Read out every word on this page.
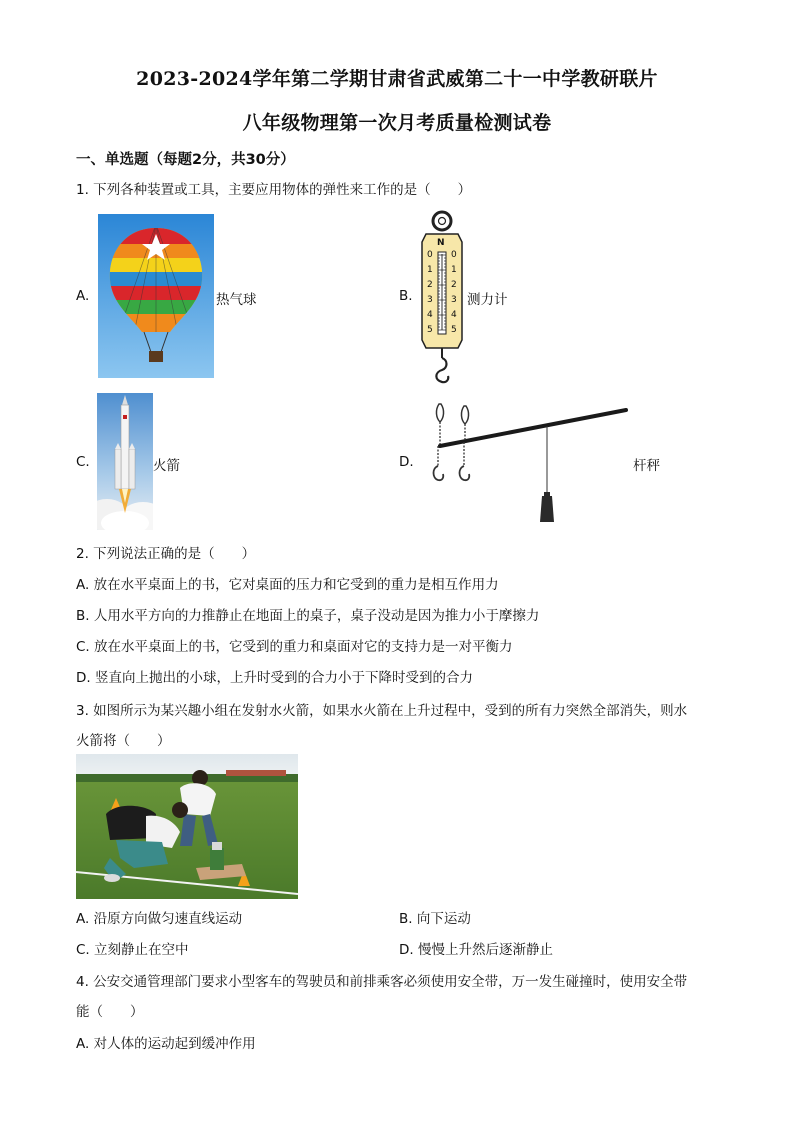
2023-2024学年第二学期甘肃省武威第二十一中学教研联片
八年级物理第一次月考质量检测试卷
一、单选题（每题2分，共30分）
1. 下列各种装置或工具，主要应用物体的弹性来工作的是（　　）
A.	热气球	B.
N
0
1
2
3
4
5
0
1
2
3
4
5
测力计
C.	火箭	D.	杆秤
2. 下列说法正确的是（　　）
A. 放在水平桌面上的书，它对桌面的压力和它受到的重力是相互作用力
B. 人用水平方向的力推静止在地面上的桌子，桌子没动是因为推力小于摩擦力
C. 放在水平桌面上的书，它受到的重力和桌面对它的支持力是一对平衡力
D. 竖直向上抛出的小球，上升时受到的合力小于下降时受到的合力
3. 如图所示为某兴趣小组在发射水火箭，如果水火箭在上升过程中，受到的所有力突然全部消失，则水
火箭将（　　）
A. 沿原方向做匀速直线运动	B. 向下运动
C. 立刻静止在空中	D. 慢慢上升然后逐渐静止
4. 公安交通管理部门要求小型客车的驾驶员和前排乘客必须使用安全带，万一发生碰撞时，使用安全带
能（　　）
A. 对人体的运动起到缓冲作用
